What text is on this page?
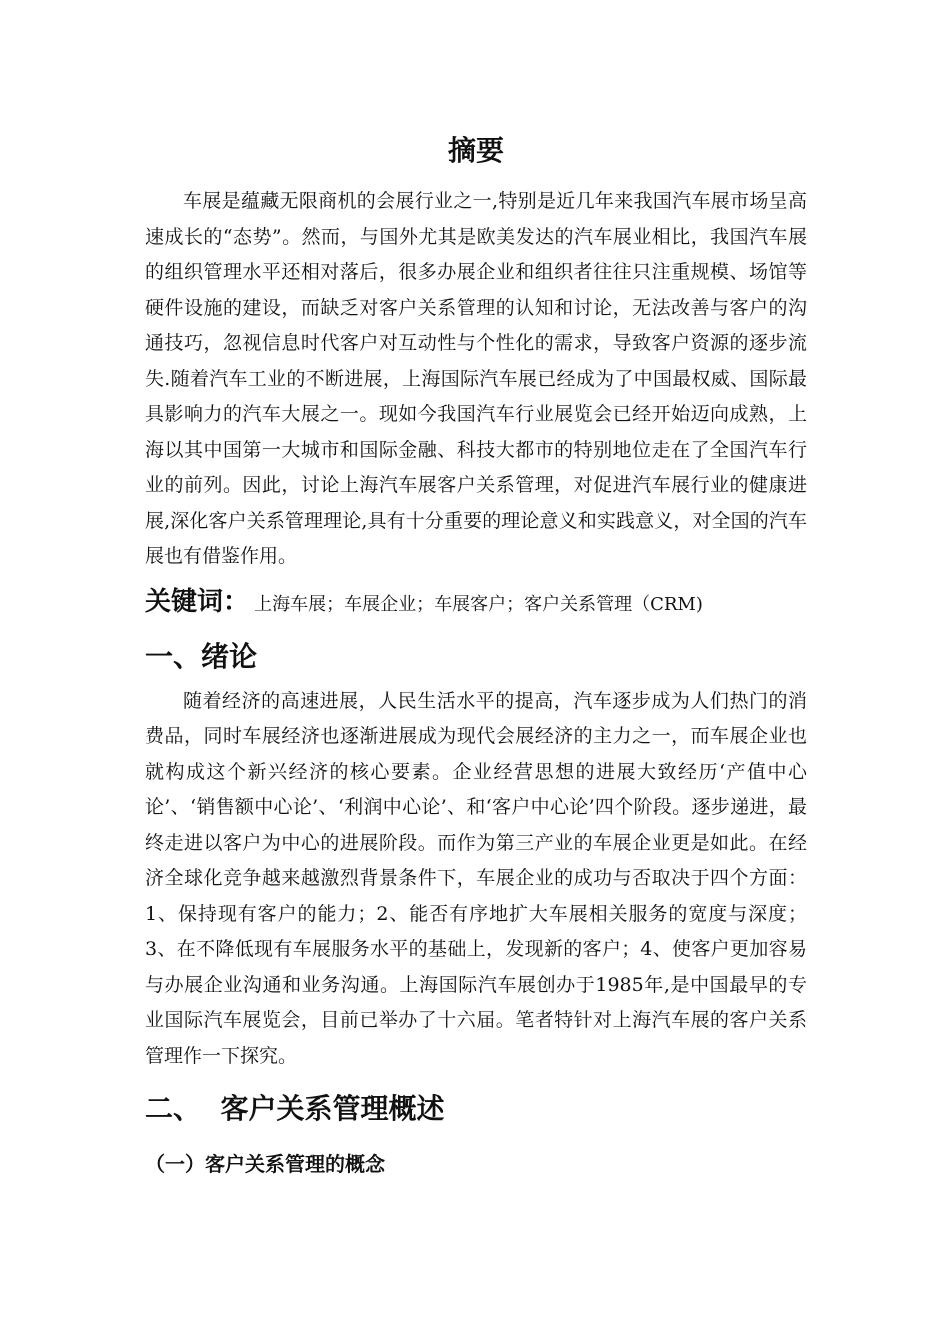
摘要

车展是蕴藏无限商机的会展行业之一,特别是近几年来我国汽车展市场呈高速成长的“态势”。然而，与国外尤其是欧美发达的汽车展业相比，我国汽车展的组织管理水平还相对落后，很多办展企业和组织者往往只注重规模、场馆等硬件设施的建设，而缺乏对客户关系管理的认知和讨论，无法改善与客户的沟通技巧，忽视信息时代客户对互动性与个性化的需求，导致客户资源的逐步流失.随着汽车工业的不断进展，上海国际汽车展已经成为了中国最权威、国际最具影响力的汽车大展之一。现如今我国汽车行业展览会已经开始迈向成熟，上海以其中国第一大城市和国际金融、科技大都市的特别地位走在了全国汽车行业的前列。因此，讨论上海汽车展客户关系管理，对促进汽车展行业的健康进展,深化客户关系管理理论,具有十分重要的理论意义和实践意义，对全国的汽车展也有借鉴作用。

关键词： 上海车展；车展企业；车展客户；客户关系管理（CRM)
一、绪论

随着经济的高速进展，人民生活水平的提高，汽车逐步成为人们热门的消费品，同时车展经济也逐渐进展成为现代会展经济的主力之一，而车展企业也就构成这个新兴经济的核心要素。企业经营思想的进展大致经历‘产值中心论’、‘销售额中心论’、‘利润中心论’、和‘客户中心论’四个阶段。逐步递进，最终走进以客户为中心的进展阶段。而作为第三产业的车展企业更是如此。在经济全球化竞争越来越激烈背景条件下，车展企业的成功与否取决于四个方面：1、保持现有客户的能力；2、能否有序地扩大车展相关服务的宽度与深度；3、在不降低现有车展服务水平的基础上，发现新的客户；4、使客户更加容易与办展企业沟通和业务沟通。上海国际汽车展创办于1985年,是中国最早的专业国际汽车展览会，目前已举办了十六届。笔者特针对上海汽车展的客户关系管理作一下探究。

二、  客户关系管理概述
（一）客户关系管理的概念
